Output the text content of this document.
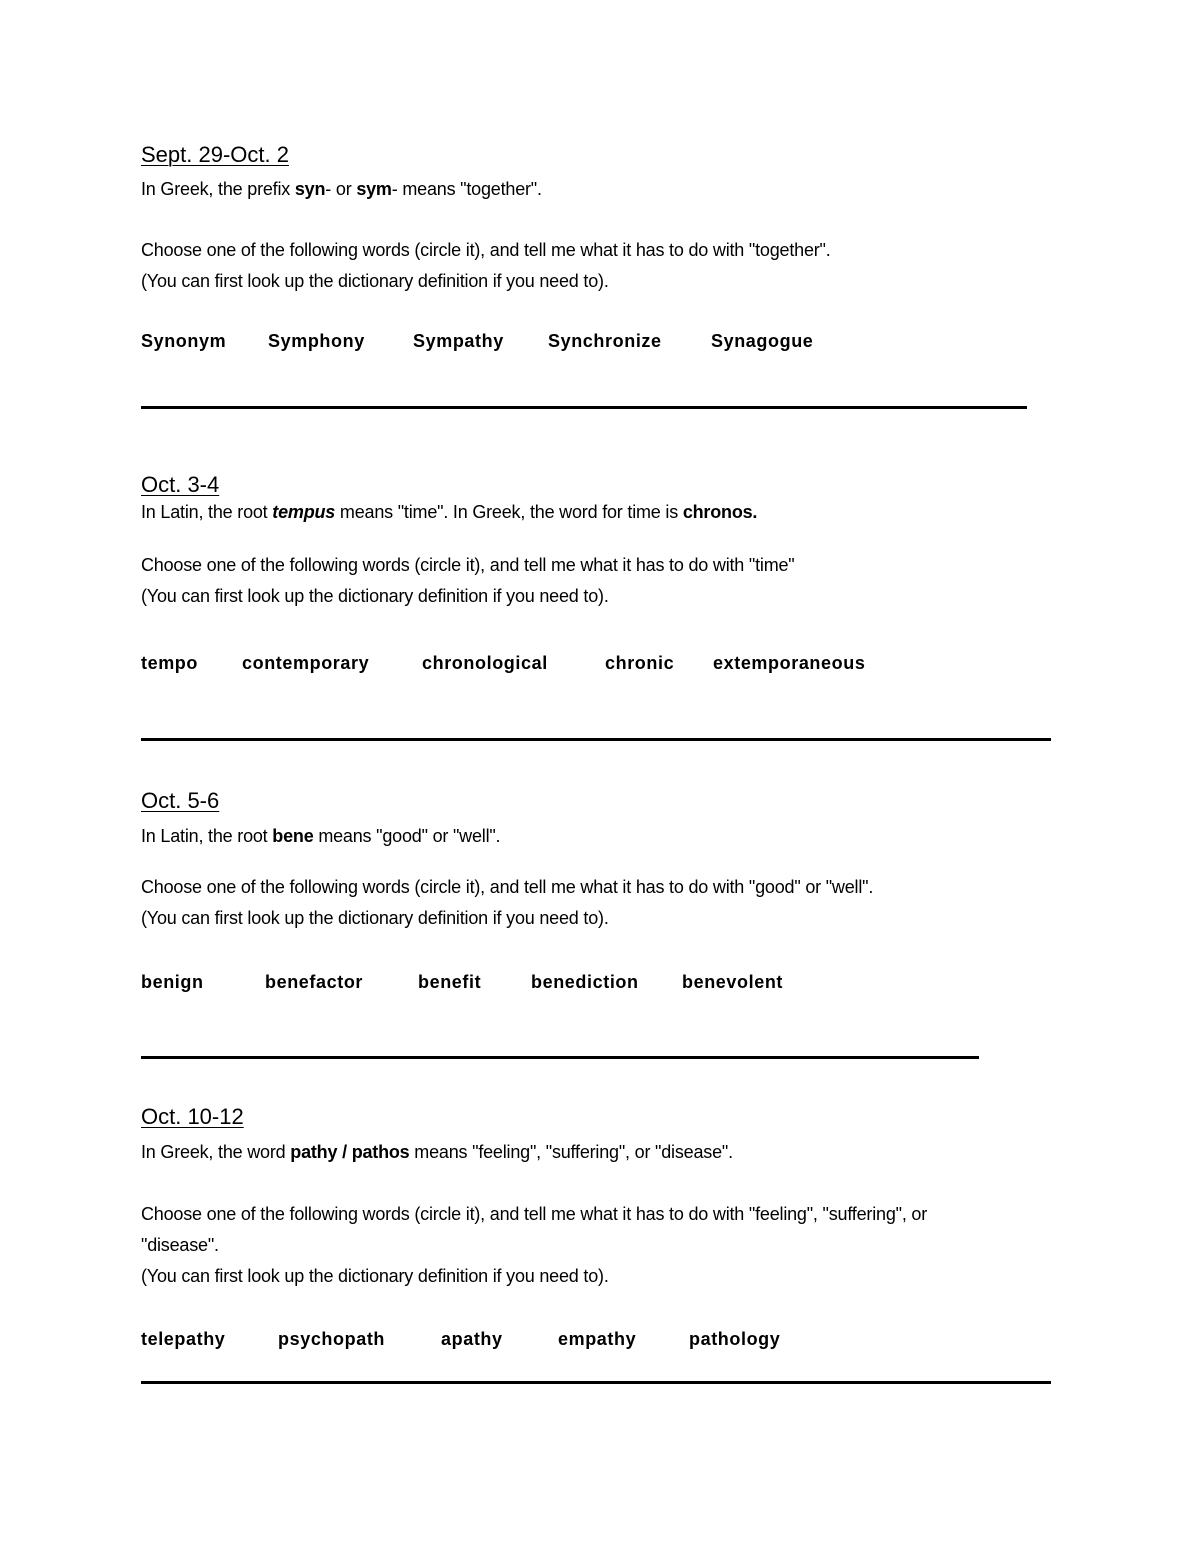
Sept. 29-Oct. 2
In Greek, the prefix syn- or sym- means "together".
Choose one of the following words (circle it), and tell me what it has to do with "together".
(You can first look up the dictionary definition if you need to).
Synonym Symphony	Sympathy Synchronize	Synagogue
Oct. 3-4
In Latin, the root tempus means "time". In Greek, the word for time is chronos.
Choose one of the following words (circle it), and tell me what it has to do with "time"
(You can first look up the dictionary definition if you need to).
tempo contemporary	chronological	chronic extemporaneous
Oct. 5-6
In Latin, the root bene means "good" or "well".
Choose one of the following words (circle it), and tell me what it has to do with "good" or "well".
(You can first look up the dictionary definition if you need to).
benign	benefactor	benefit	benediction benevolent
Oct. 10-12
In Greek, the word pathy / pathos means "feeling", "suffering", or "disease".
Choose one of the following words (circle it), and tell me what it has to do with "feeling", "suffering", or
"disease".
(You can first look up the dictionary definition if you need to).
telepathy	psychopath	apathy	empathy	pathology
